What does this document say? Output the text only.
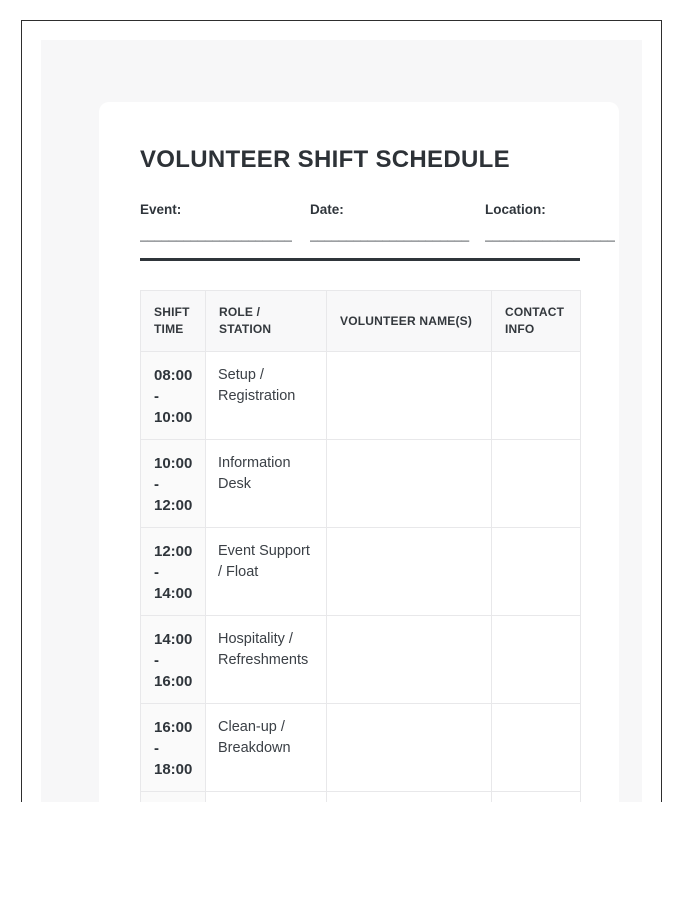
VOLUNTEER SHIFT SCHEDULE
Event:
_____________________
Date:
______________________
Location:
__________________
SHIFT TIME	ROLE / STATION	VOLUNTEER NAME(S)	CONTACT INFO
08:00 - 10:00	Setup / Registration		
10:00 - 12:00	Information Desk		
12:00 - 14:00	Event Support / Float		
14:00 - 16:00	Hospitality / Refreshments		
16:00 - 18:00	Clean-up / Breakdown		
